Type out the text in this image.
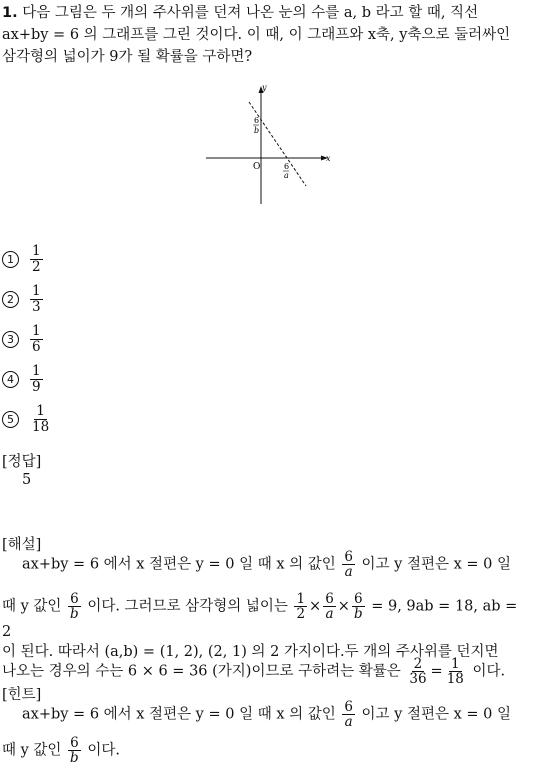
1. 다음 그림은 두 개의 주사위를 던져 나온 눈의 수를 a, b 라고 할 때, 직선
ax+by = 6 의 그래프를 그린 것이다. 이 때, 이 그래프와 x축, y축으로 둘러싸인
삼각형의 넓이가 9가 될 확률을 구하면?
y
x
O
6
b
6
a
1	$\frac{1}{2}$
2	$\frac{1}{3}$
3	$\frac{1}{6}$
4	$\frac{1}{9}$
5	$\frac{1}{18}$
[정답]
5
[해설]
ax+by = 6 에서 x 절편은 y = 0 일 때 x 의 값인 $\frac{6}{a}$ 이고 y 절편은 x = 0 일
때 y 값인 $\frac{6}{b}$ 이다. 그러므로 삼각형의 넓이는 $\frac{1}{2} \times \frac{6}{a} \times \frac{6}{b} = 9$, 9ab = 18, ab = 2
이 된다. 따라서 (a,b) = (1, 2), (2, 1) 의 2 가지이다.두 개의 주사위를 던지면
나오는 경우의 수는 6 × 6 = 36 (가지)이므로 구하려는 확률은 $\frac{2}{36} = \frac{1}{18}$ 이다.
[힌트]
ax+by = 6 에서 x 절편은 y = 0 일 때 x 의 값인 $\frac{6}{a}$ 이고 y 절편은 x = 0 일
때 y 값인 $\frac{6}{b}$ 이다.
